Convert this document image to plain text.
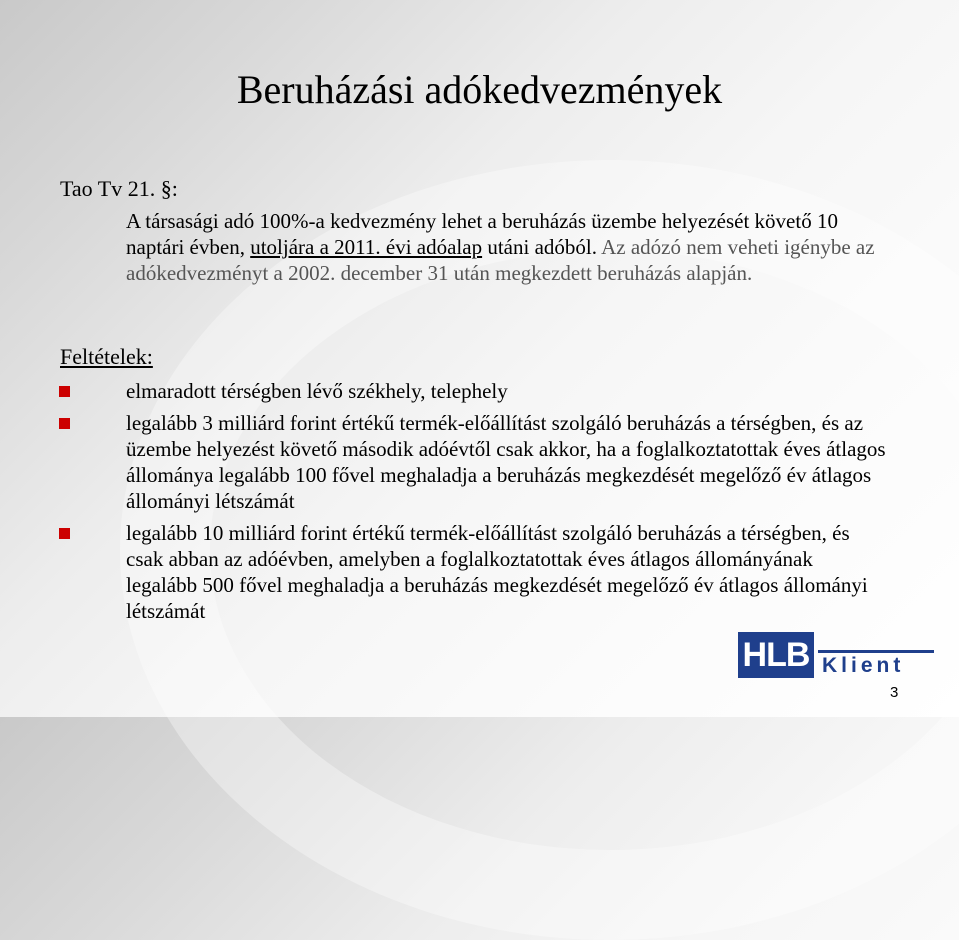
Beruházási adókedvezmények

Tao Tv 21. §:

A társasági adó 100%-a kedvezmény lehet a beruházás üzembe helyezését követő 10 naptári évben, utoljára a 2011. évi adóalap utáni adóból. Az adózó nem veheti igénybe az adókedvezményt a 2002. december 31 után megkezdett beruházás alapján.

Feltételek:

elmaradott térségben lévő székhely, telephely
legalább 3 milliárd forint értékű termék-előállítást szolgáló beruházás a térségben, és az üzembe helyezést követő második adóévtől csak akkor, ha a foglalkoztatottak éves átlagos állománya legalább 100 fővel meghaladja a beruházás megkezdését megelőző év átlagos állományi létszámát
legalább 10 milliárd forint értékű termék-előállítást szolgáló beruházás a térségben, és csak abban az adóévben, amelyben a foglalkoztatottak éves átlagos állományának legalább 500 fővel meghaladja a beruházás megkezdését megelőző év átlagos állományi létszámát
HLB Klient
3
